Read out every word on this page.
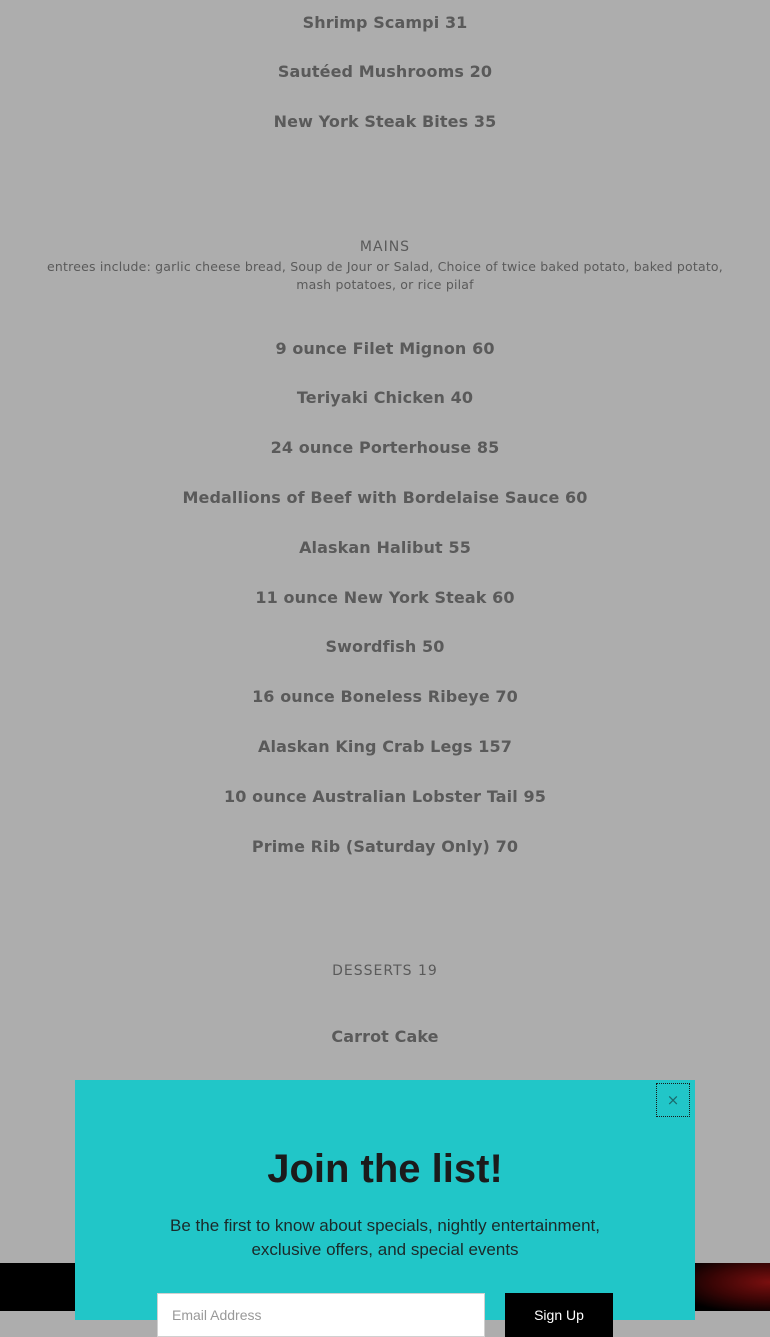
Shrimp Scampi 31
Sautéed Mushrooms 20
New York Steak Bites 35
MAINS
entrees include: garlic cheese bread, Soup de Jour or Salad, Choice of twice baked potato, baked potato, mash potatoes, or rice pilaf
9 ounce Filet Mignon 60
Teriyaki Chicken 40
24 ounce Porterhouse 85
Medallions of Beef with Bordelaise Sauce 60
Alaskan Halibut 55
11 ounce New York Steak 60
Swordfish 50
16 ounce Boneless Ribeye 70
Alaskan King Crab Legs 157
10 ounce Australian Lobster Tail 95
Prime Rib (Saturday Only) 70
DESSERTS 19
Carrot Cake
×
Join the list!
Be the first to know about specials, nightly entertainment, exclusive offers, and special events
Email Address
Sign Up
